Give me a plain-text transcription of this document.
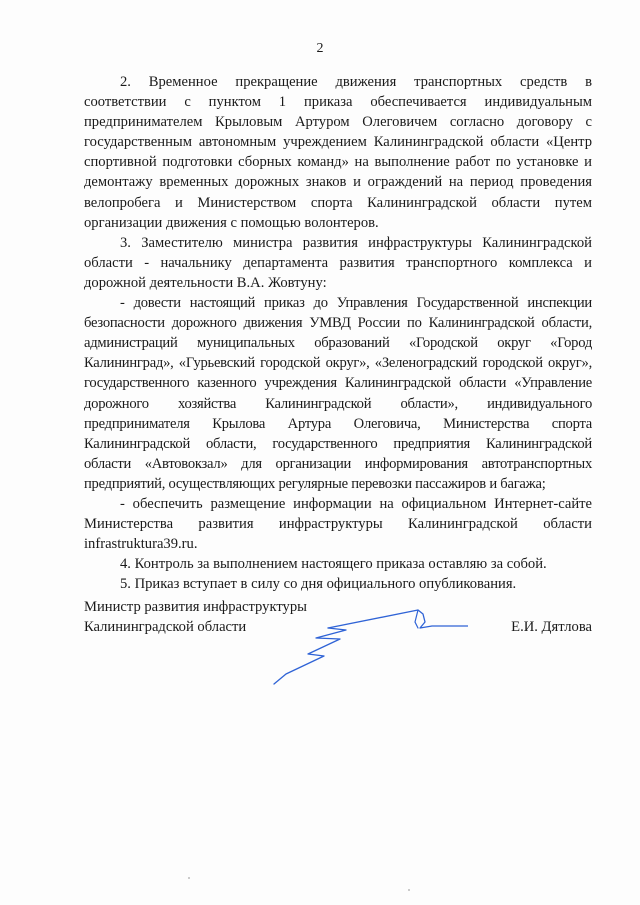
2

2. Временное прекращение движения транспортных средств в соответствии с пунктом 1 приказа обеспечивается индивидуальным предпринимателем Крыловым Артуром Олеговичем согласно договору с государственным автономным учреждением Калининградской области «Центр спортивной подготовки сборных команд» на выполнение работ по установке и демонтажу временных дорожных знаков и ограждений на период проведения велопробега и Министерством спорта Калининградской области путем организации движения с помощью волонтеров.

3. Заместителю министра развития инфраструктуры Калининградской области - начальнику департамента развития транспортного комплекса и дорожной деятельности В.А. Жовтуну:

- довести настоящий приказ до Управления Государственной инспекции безопасности дорожного движения УМВД России по Калининградской области, администраций муниципальных образований «Городской округ «Город Калининград», «Гурьевский городской округ», «Зеленоградский городской округ», государственного казенного учреждения Калининградской области «Управление дорожного хозяйства Калининградской области», индивидуального предпринимателя Крылова Артура Олеговича, Министерства спорта Калининградской области, государственного предприятия Калининградской области «Автовокзал» для организации информирования автотранспортных предприятий, осуществляющих регулярные перевозки пассажиров и багажа;

- обеспечить размещение информации на официальном Интернет-сайте Министерства развития инфраструктуры Калининградской области infrastruktura39.ru.

4. Контроль за выполнением настоящего приказа оставляю за собой.

5. Приказ вступает в силу со дня официального опубликования.

Министр развития инфраструктуры
Калининградской области	Е.И. Дятлова
